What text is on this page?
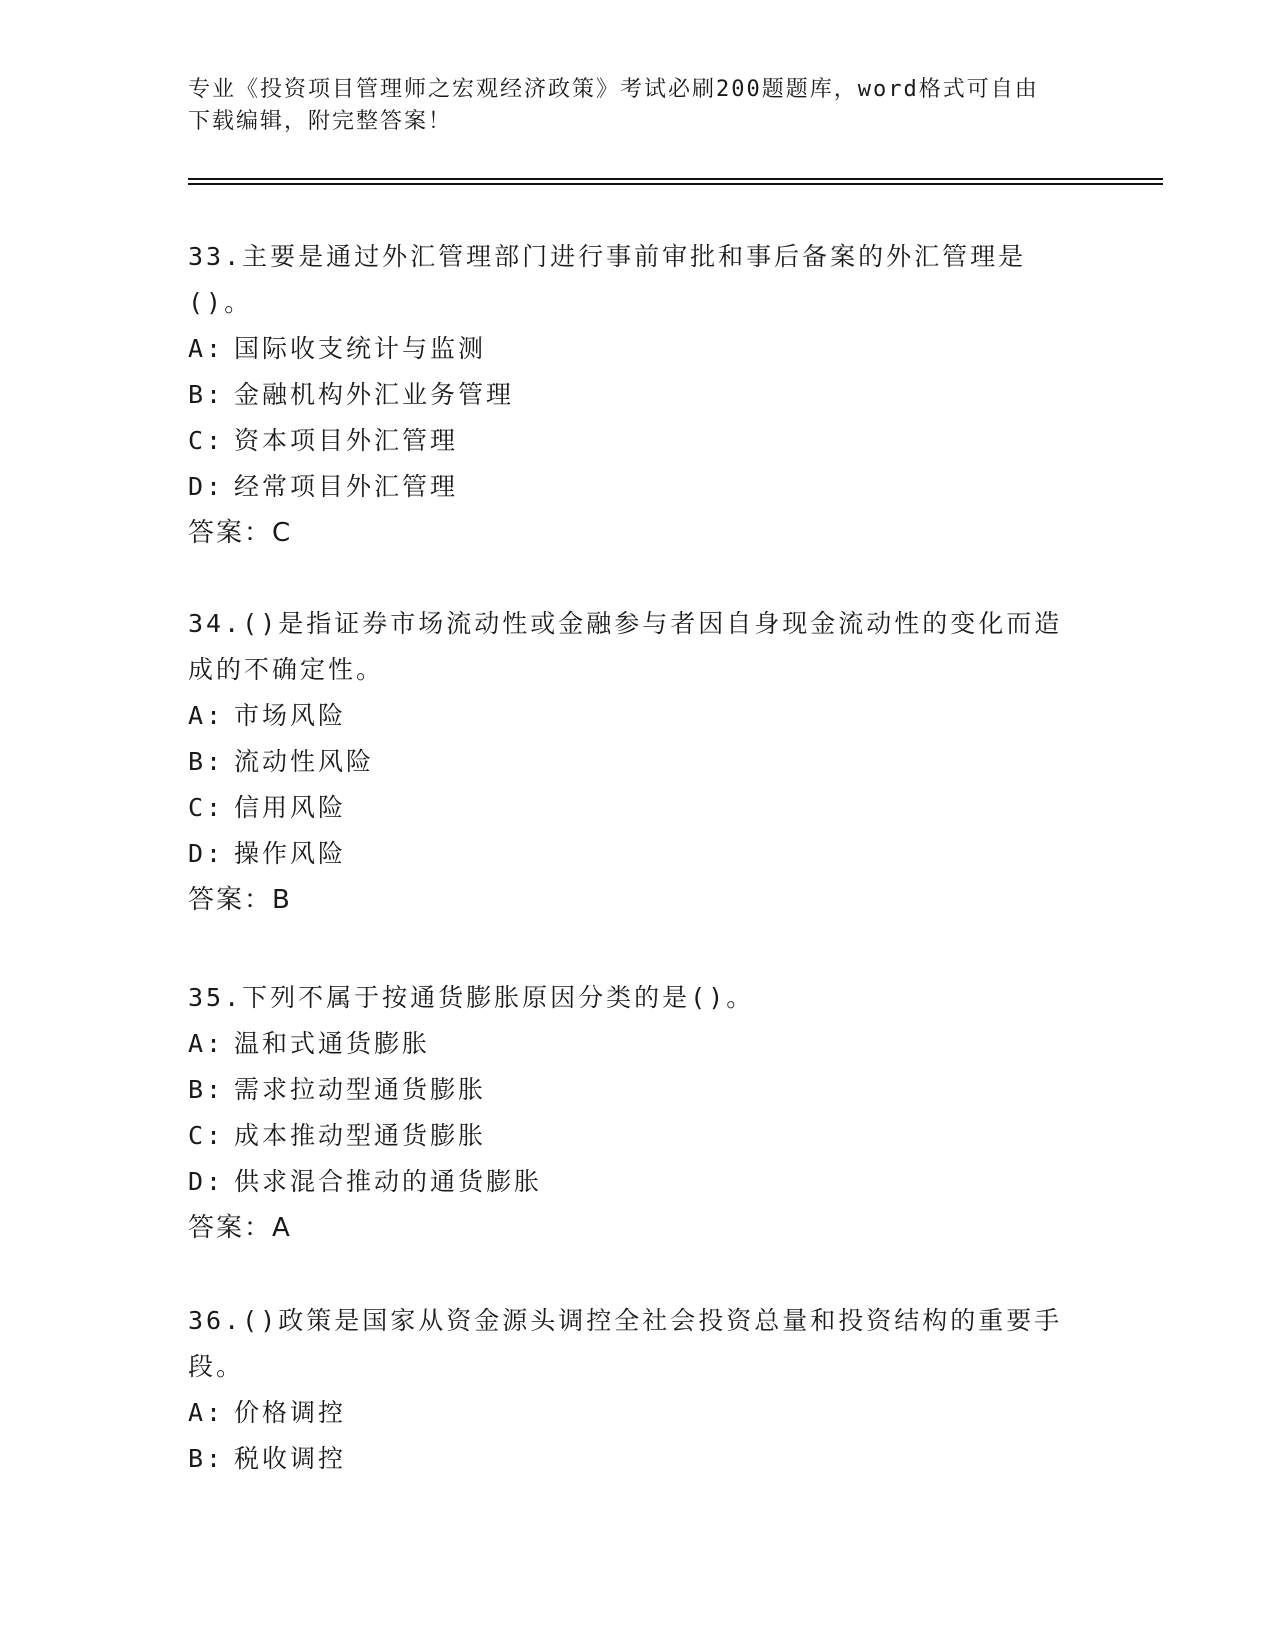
专业《投资项目管理师之宏观经济政策》考试必刷200题题库，word格式可自由
下载编辑，附完整答案！

33.主要是通过外汇管理部门进行事前审批和事后备案的外汇管理是()。

A: 国际收支统计与监测

B: 金融机构外汇业务管理

C: 资本项目外汇管理

D: 经常项目外汇管理

答案：C

34.()是指证券市场流动性或金融参与者因自身现金流动性的变化而造成的不确定性。

A: 市场风险

B: 流动性风险

C: 信用风险

D: 操作风险

答案：B

35.下列不属于按通货膨胀原因分类的是()。

A: 温和式通货膨胀

B: 需求拉动型通货膨胀

C: 成本推动型通货膨胀

D: 供求混合推动的通货膨胀

答案：A

36.()政策是国家从资金源头调控全社会投资总量和投资结构的重要手段。

A: 价格调控

B: 税收调控
